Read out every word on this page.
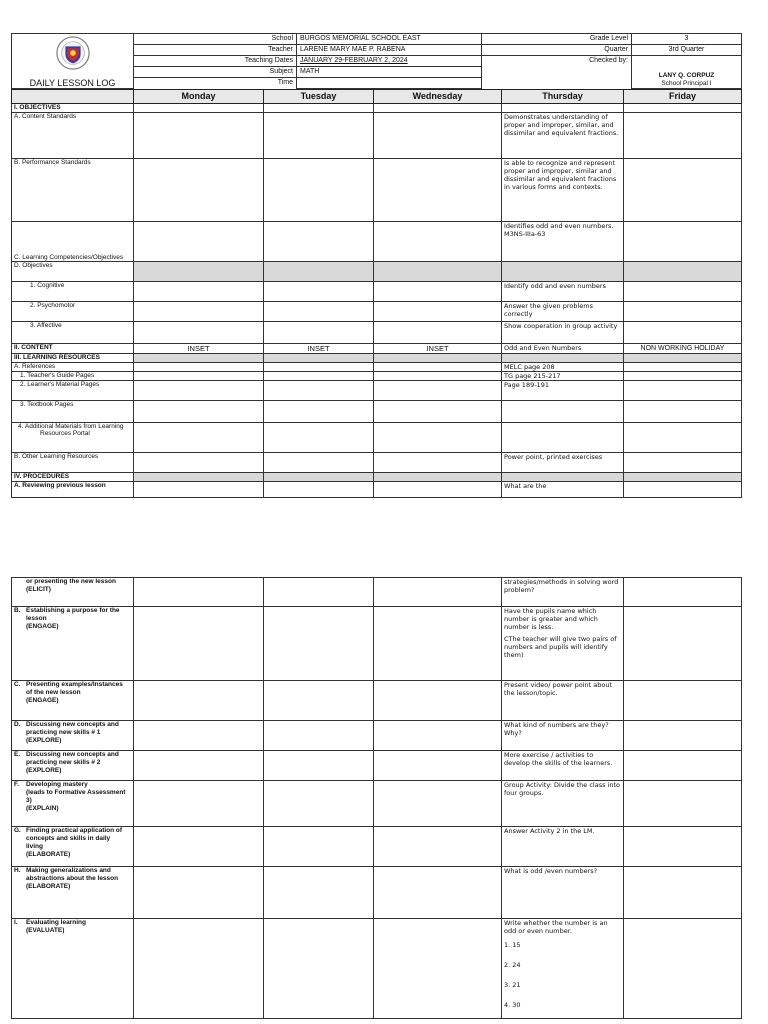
DAILY LESSON LOG	School	BURGOS MEMORIAL SCHOOL EAST	Grade Level	3
	Teacher	LARENE MARY MAE P. RABENA	Quarter	3rd Quarter
	Teaching Dates	JANUARY 29-FEBRUARY 2, 2024	Checked by:	LANY Q. CORPUZ
School Principal I

	Subject	MATH		
	Time			
	Monday	Tuesday	Wednesday	Thursday	Friday
I. OBJECTIVES					
A. Content Standards				Demonstrates understanding of proper and improper, similar, and dissimilar and equivalent fractions.	
B. Performance Standards				Is able to recognize and represent proper and improper, similar and dissimilar and equivalent fractions in various forms and contexts.	
C. Learning Competencies/Objectives				Identifies odd and even numbers.
M3NS-IIIa-63	
D. Objectives					
1. Cognitive				Identify odd and even numbers	
2. Psychomotor				Answer the given problems correctly	
3. Affective				Show cooperation in group activity	
II. CONTENT	INSET	INSET	INSET	Odd and Even Numbers	NON WORKING HOLIDAY
III. LEARNING RESOURCES					
A. References				MELC page 208	
1. Teacher's Guide Pages				TG page 215-217	
2. Learner's Material Pages				Page 189-191	
3. Textbook Pages					
4. Additional Materials from Learning
Resources Portal					
B. Other Learning Resources				Power point, printed exercises	
IV. PROCEDURES					
A. Reviewing previous lesson				What are the	
or presenting the new lesson
(ELICIT)				strategies/methods in solving word problem?	
B. Establishing a purpose for the lesson
(ENGAGE)				Have the pupils name which number is greater and which number is less.
CThe teacher will give two pairs of numbers and pupils will identify them)	

C. Presenting examples/Instances of the new lesson
(ENGAGE)				Present video/ power point about the lesson/topic.	
D. Discussing new concepts and practicing new skills # 1
(EXPLORE)				What kind of numbers are they? Why?	
E. Discussing new concepts and practicing new skills # 2
(EXPLORE)				More exercise / activities to develop the skills of the learners.	
F. Developing mastery
(leads to Formative Assessment 3)
(EXPLAIN)				Group Activity: Divide the class into four groups.	
G. Finding practical application of concepts and skills in daily living
(ELABORATE)				Answer Activity 2 in the LM.	
H. Making generalizations and abstractions about the lesson
(ELABORATE)				What is odd /even numbers?	
I. Evaluating learning
(EVALUATE)				Write whether the number is an odd or even number.
1. 15
2. 24
3. 21
4. 30	
